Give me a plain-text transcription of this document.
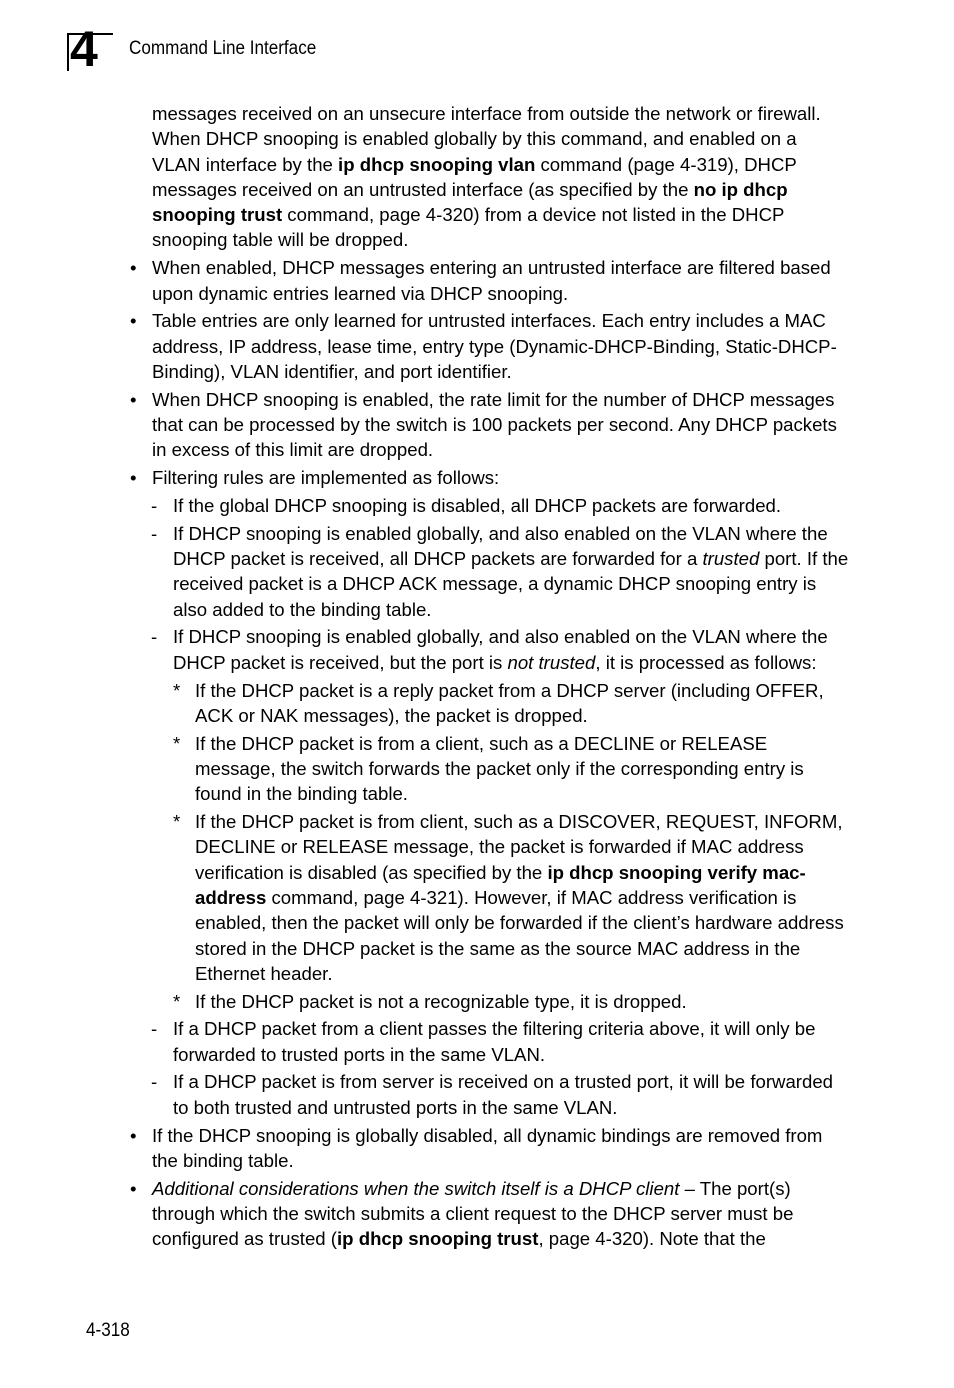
4 Command Line Interface

messages received on an unsecure interface from outside the network or firewall. When DHCP snooping is enabled globally by this command, and enabled on a VLAN interface by the ip dhcp snooping vlan command (page 4-319), DHCP messages received on an untrusted interface (as specified by the no ip dhcp snooping trust command, page 4-320) from a device not listed in the DHCP snooping table will be dropped.

• When enabled, DHCP messages entering an untrusted interface are filtered based upon dynamic entries learned via DHCP snooping.

• Table entries are only learned for untrusted interfaces. Each entry includes a MAC address, IP address, lease time, entry type (Dynamic-DHCP-Binding, Static-DHCP-Binding), VLAN identifier, and port identifier.

• When DHCP snooping is enabled, the rate limit for the number of DHCP messages that can be processed by the switch is 100 packets per second. Any DHCP packets in excess of this limit are dropped.

• Filtering rules are implemented as follows:

- If the global DHCP snooping is disabled, all DHCP packets are forwarded.

- If DHCP snooping is enabled globally, and also enabled on the VLAN where the DHCP packet is received, all DHCP packets are forwarded for a trusted port. If the received packet is a DHCP ACK message, a dynamic DHCP snooping entry is also added to the binding table.

- If DHCP snooping is enabled globally, and also enabled on the VLAN where the DHCP packet is received, but the port is not trusted, it is processed as follows:

* If the DHCP packet is a reply packet from a DHCP server (including OFFER, ACK or NAK messages), the packet is dropped.

* If the DHCP packet is from a client, such as a DECLINE or RELEASE message, the switch forwards the packet only if the corresponding entry is found in the binding table.

* If the DHCP packet is from client, such as a DISCOVER, REQUEST, INFORM, DECLINE or RELEASE message, the packet is forwarded if MAC address verification is disabled (as specified by the ip dhcp snooping verify mac-address command, page 4-321). However, if MAC address verification is enabled, then the packet will only be forwarded if the client’s hardware address stored in the DHCP packet is the same as the source MAC address in the Ethernet header.

* If the DHCP packet is not a recognizable type, it is dropped.

- If a DHCP packet from a client passes the filtering criteria above, it will only be forwarded to trusted ports in the same VLAN.

- If a DHCP packet is from server is received on a trusted port, it will be forwarded to both trusted and untrusted ports in the same VLAN.

• If the DHCP snooping is globally disabled, all dynamic bindings are removed from the binding table.

• Additional considerations when the switch itself is a DHCP client – The port(s) through which the switch submits a client request to the DHCP server must be configured as trusted (ip dhcp snooping trust, page 4-320). Note that the

4-318
